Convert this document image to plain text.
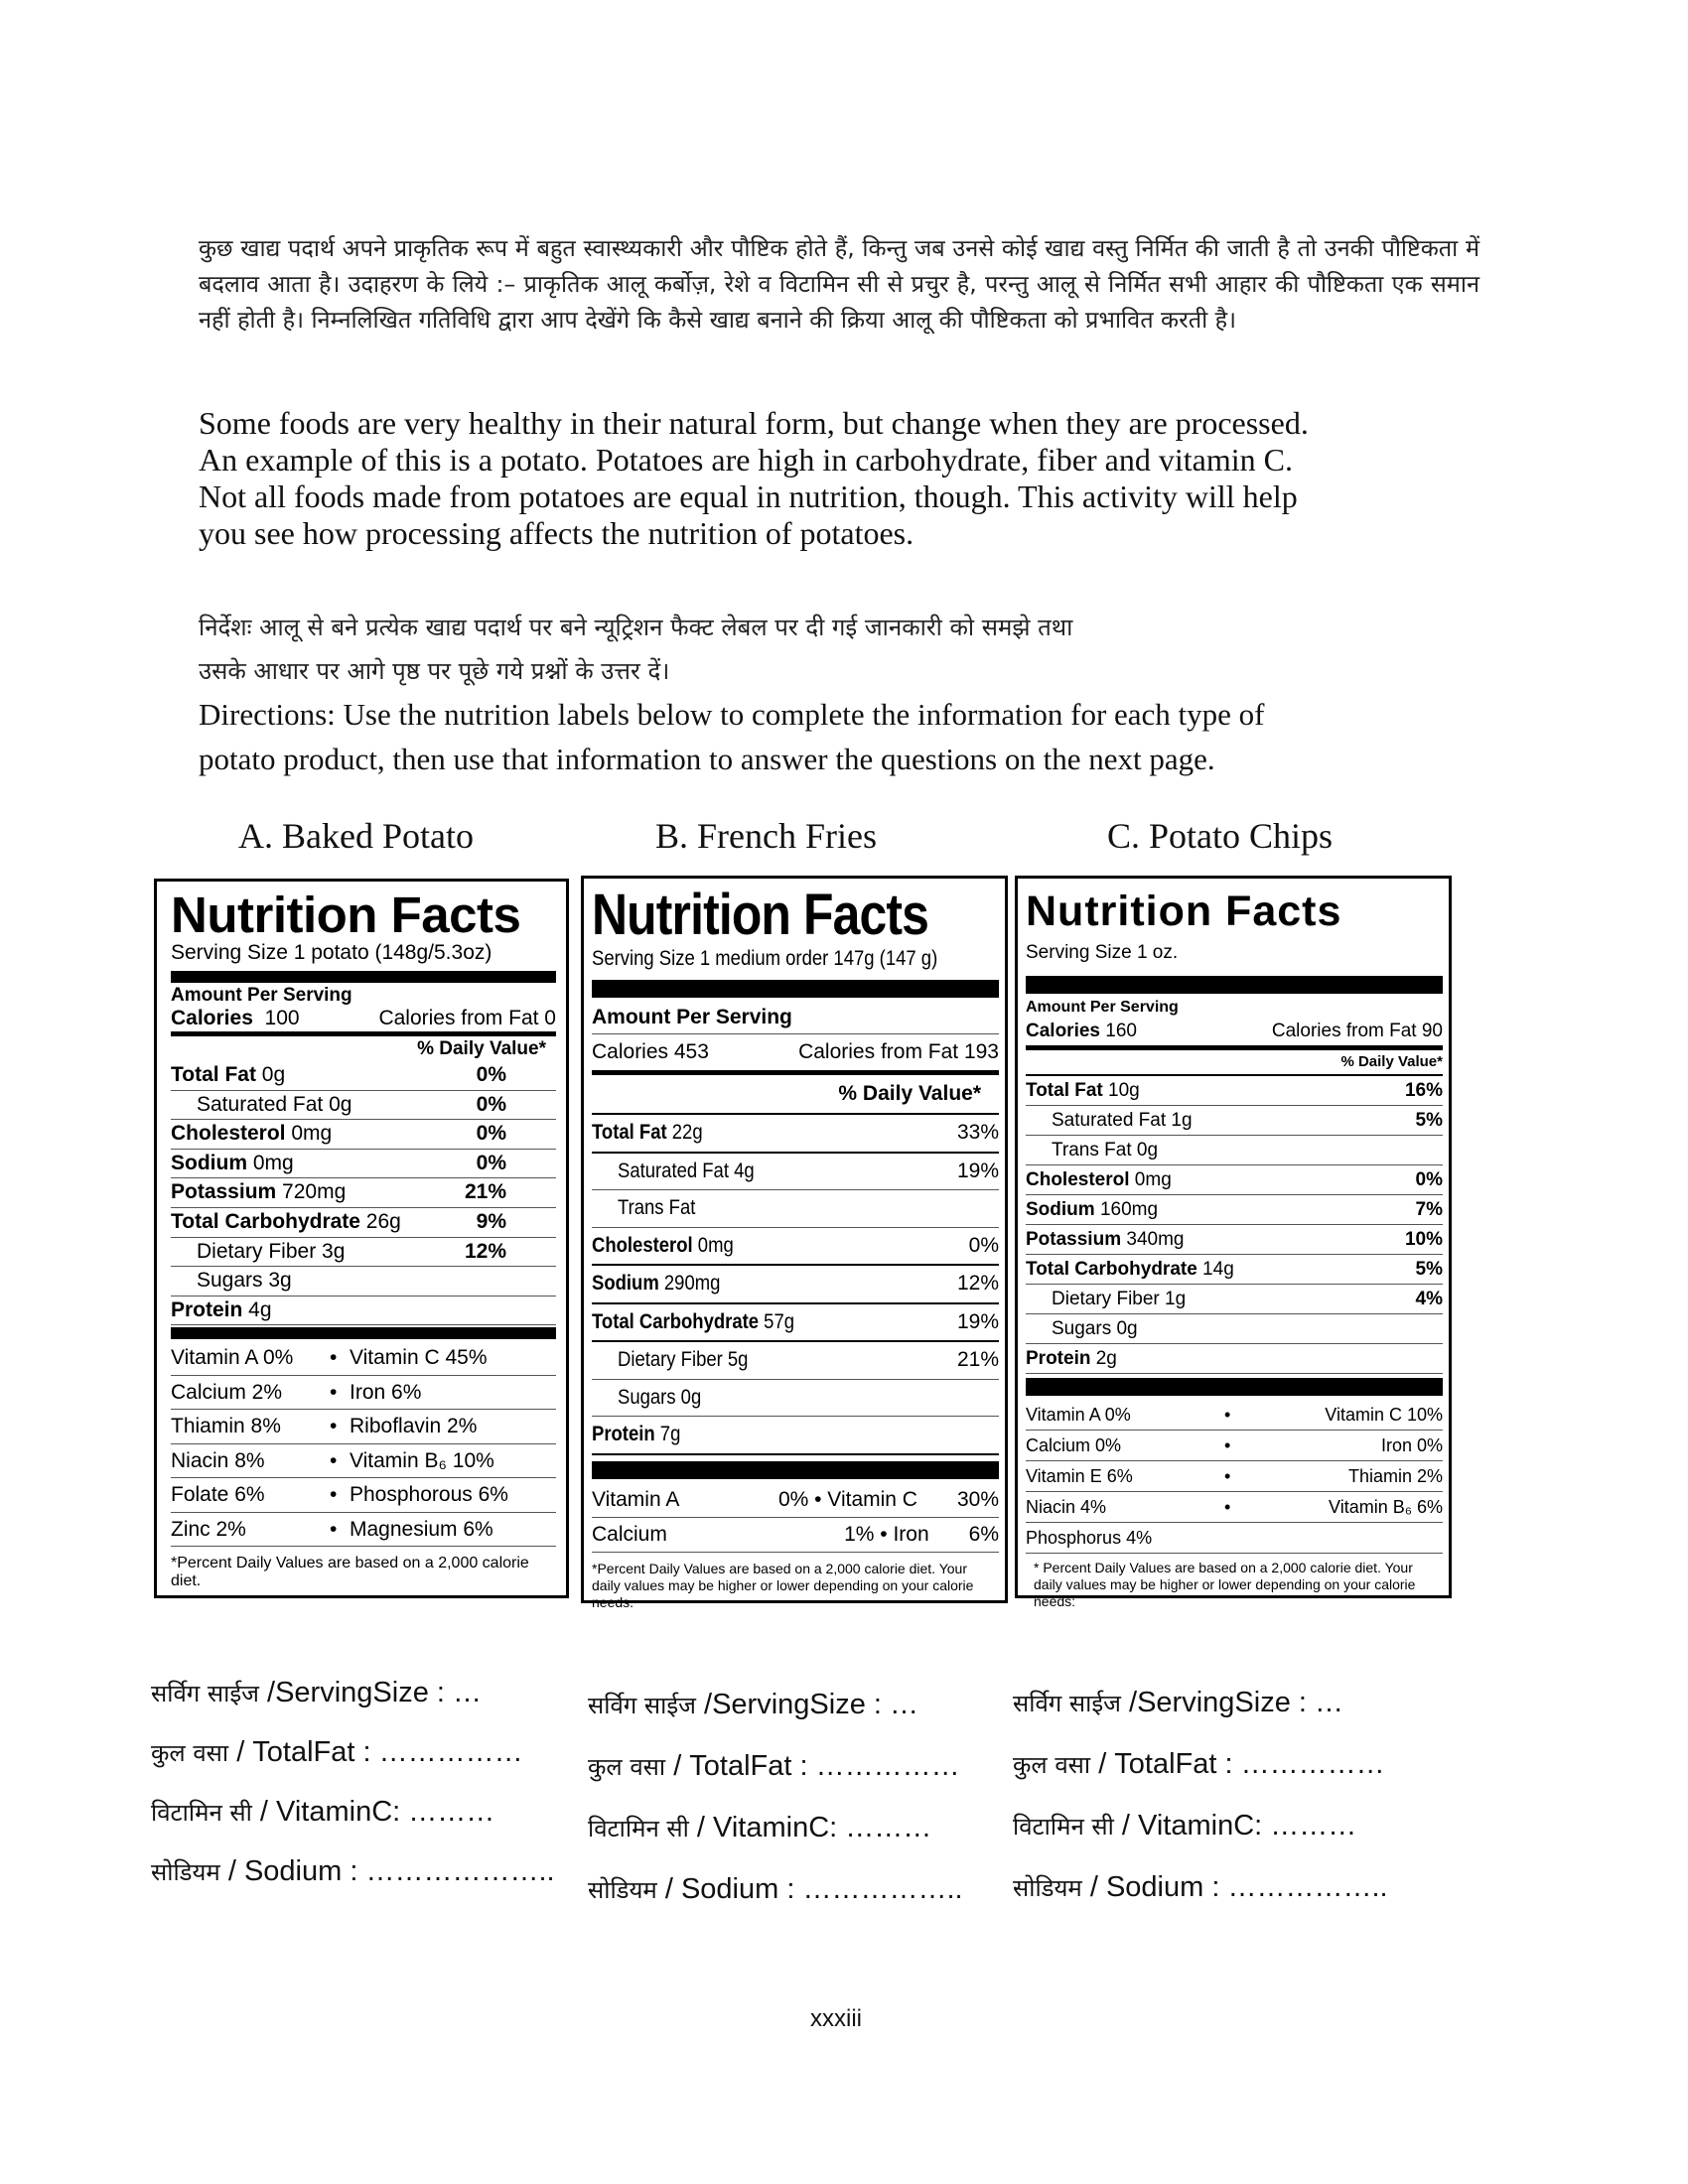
कुछ खाद्य पदार्थ अपने प्राकृतिक रूप में बहुत स्वास्थ्यकारी और पौष्टिक होते हैं, किन्तु जब उनसे कोई खाद्य वस्तु निर्मित की जाती है तो उनकी पौष्टिकता में बदलाव आता है। उदाहरण के लिये :– प्राकृतिक आलू कर्बोज़, रेशे व विटामिन सी से प्रचुर है, परन्तु आलू से निर्मित सभी आहार की पौष्टिकता एक समान नहीं होती है। निम्नलिखित गतिविधि द्वारा आप देखेंगे कि कैसे खाद्य बनाने की क्रिया आलू की पौष्टिकता को प्रभावित करती है।
Some foods are very healthy in their natural form, but change when they are processed.
An example of this is a potato. Potatoes are high in carbohydrate, fiber and vitamin C.
Not all foods made from potatoes are equal in nutrition, though. This activity will help
you see how processing affects the nutrition of potatoes.
निर्देशः आलू से बने प्रत्येक खाद्य पदार्थ पर बने न्यूट्रिशन फैक्ट लेबल पर दी गई जानकारी को समझे तथा
उसके आधार पर आगे पृष्ठ पर पूछे गये प्रश्नों के उत्तर दें।
Directions: Use the nutrition labels below to complete the information for each type of
potato product, then use that information to answer the questions on the next page.
A. Baked Potato	B. French Fries	C. Potato Chips
Nutrition Facts
Serving Size 1 potato (148g/5.3oz)
Amount Per Serving
Calories 100	Calories from Fat 0
% Daily Value*
Total Fat 0g	0%
Saturated Fat 0g	0%
Cholesterol 0mg	0%
Sodium 0mg	0%
Potassium 720mg	21%
Total Carbohydrate 26g	9%
Dietary Fiber 3g	12%
Sugars 3g
Protein 4g
Vitamin A 0%	• Vitamin C 45%
Calcium 2%	• Iron 6%
Thiamin 8%	• Riboflavin 2%
Niacin 8%	• Vitamin B₆ 10%
Folate 6%	• Phosphorous 6%
Zinc 2%	• Magnesium 6%
*Percent Daily Values are based on a 2,000 calorie diet.
Nutrition Facts
Serving Size 1 medium order 147g (147 g)
Amount Per Serving
Calories 453	Calories from Fat 193
% Daily Value*
Total Fat 22g	33%
Saturated Fat 4g	19%
Trans Fat
Cholesterol 0mg	0%
Sodium 290mg	12%
Total Carbohydrate 57g	19%
Dietary Fiber 5g	21%
Sugars 0g
Protein 7g
Vitamin A	0% • Vitamin C 30%
Calcium	1% • Iron 6%
*Percent Daily Values are based on a 2,000 calorie diet. Your daily values may be higher or lower depending on your calorie needs.
Nutrition Facts
Serving Size 1 oz.
Amount Per Serving
Calories 160	Calories from Fat 90
% Daily Value*
Total Fat 10g	16%
Saturated Fat 1g	5%
Trans Fat 0g
Cholesterol 0mg	0%
Sodium 160mg	7%
Potassium 340mg	10%
Total Carbohydrate 14g	5%
Dietary Fiber 1g	4%
Sugars 0g
Protein 2g
Vitamin A 0%	•	Vitamin C 10%
Calcium 0%	•	Iron 0%
Vitamin E 6%	•	Thiamin 2%
Niacin 4%	•	Vitamin B₆ 6%
Phosphorus 4%
* Percent Daily Values are based on a 2,000 calorie diet. Your daily values may be higher or lower depending on your calorie needs:
सर्विग साईज /ServingSize : …
कुल वसा / TotalFat : ……………
विटामिन सी / VitaminC: ………
सोडियम / Sodium : ………………..
सर्विग साईज /ServingSize : …
कुल वसा / TotalFat : ……………
विटामिन सी / VitaminC: ………
सोडियम / Sodium : ……………..
सर्विग साईज /ServingSize : …
कुल वसा / TotalFat : ……………
विटामिन सी / VitaminC: ………
सोडियम / Sodium : ……………..
xxxiii
